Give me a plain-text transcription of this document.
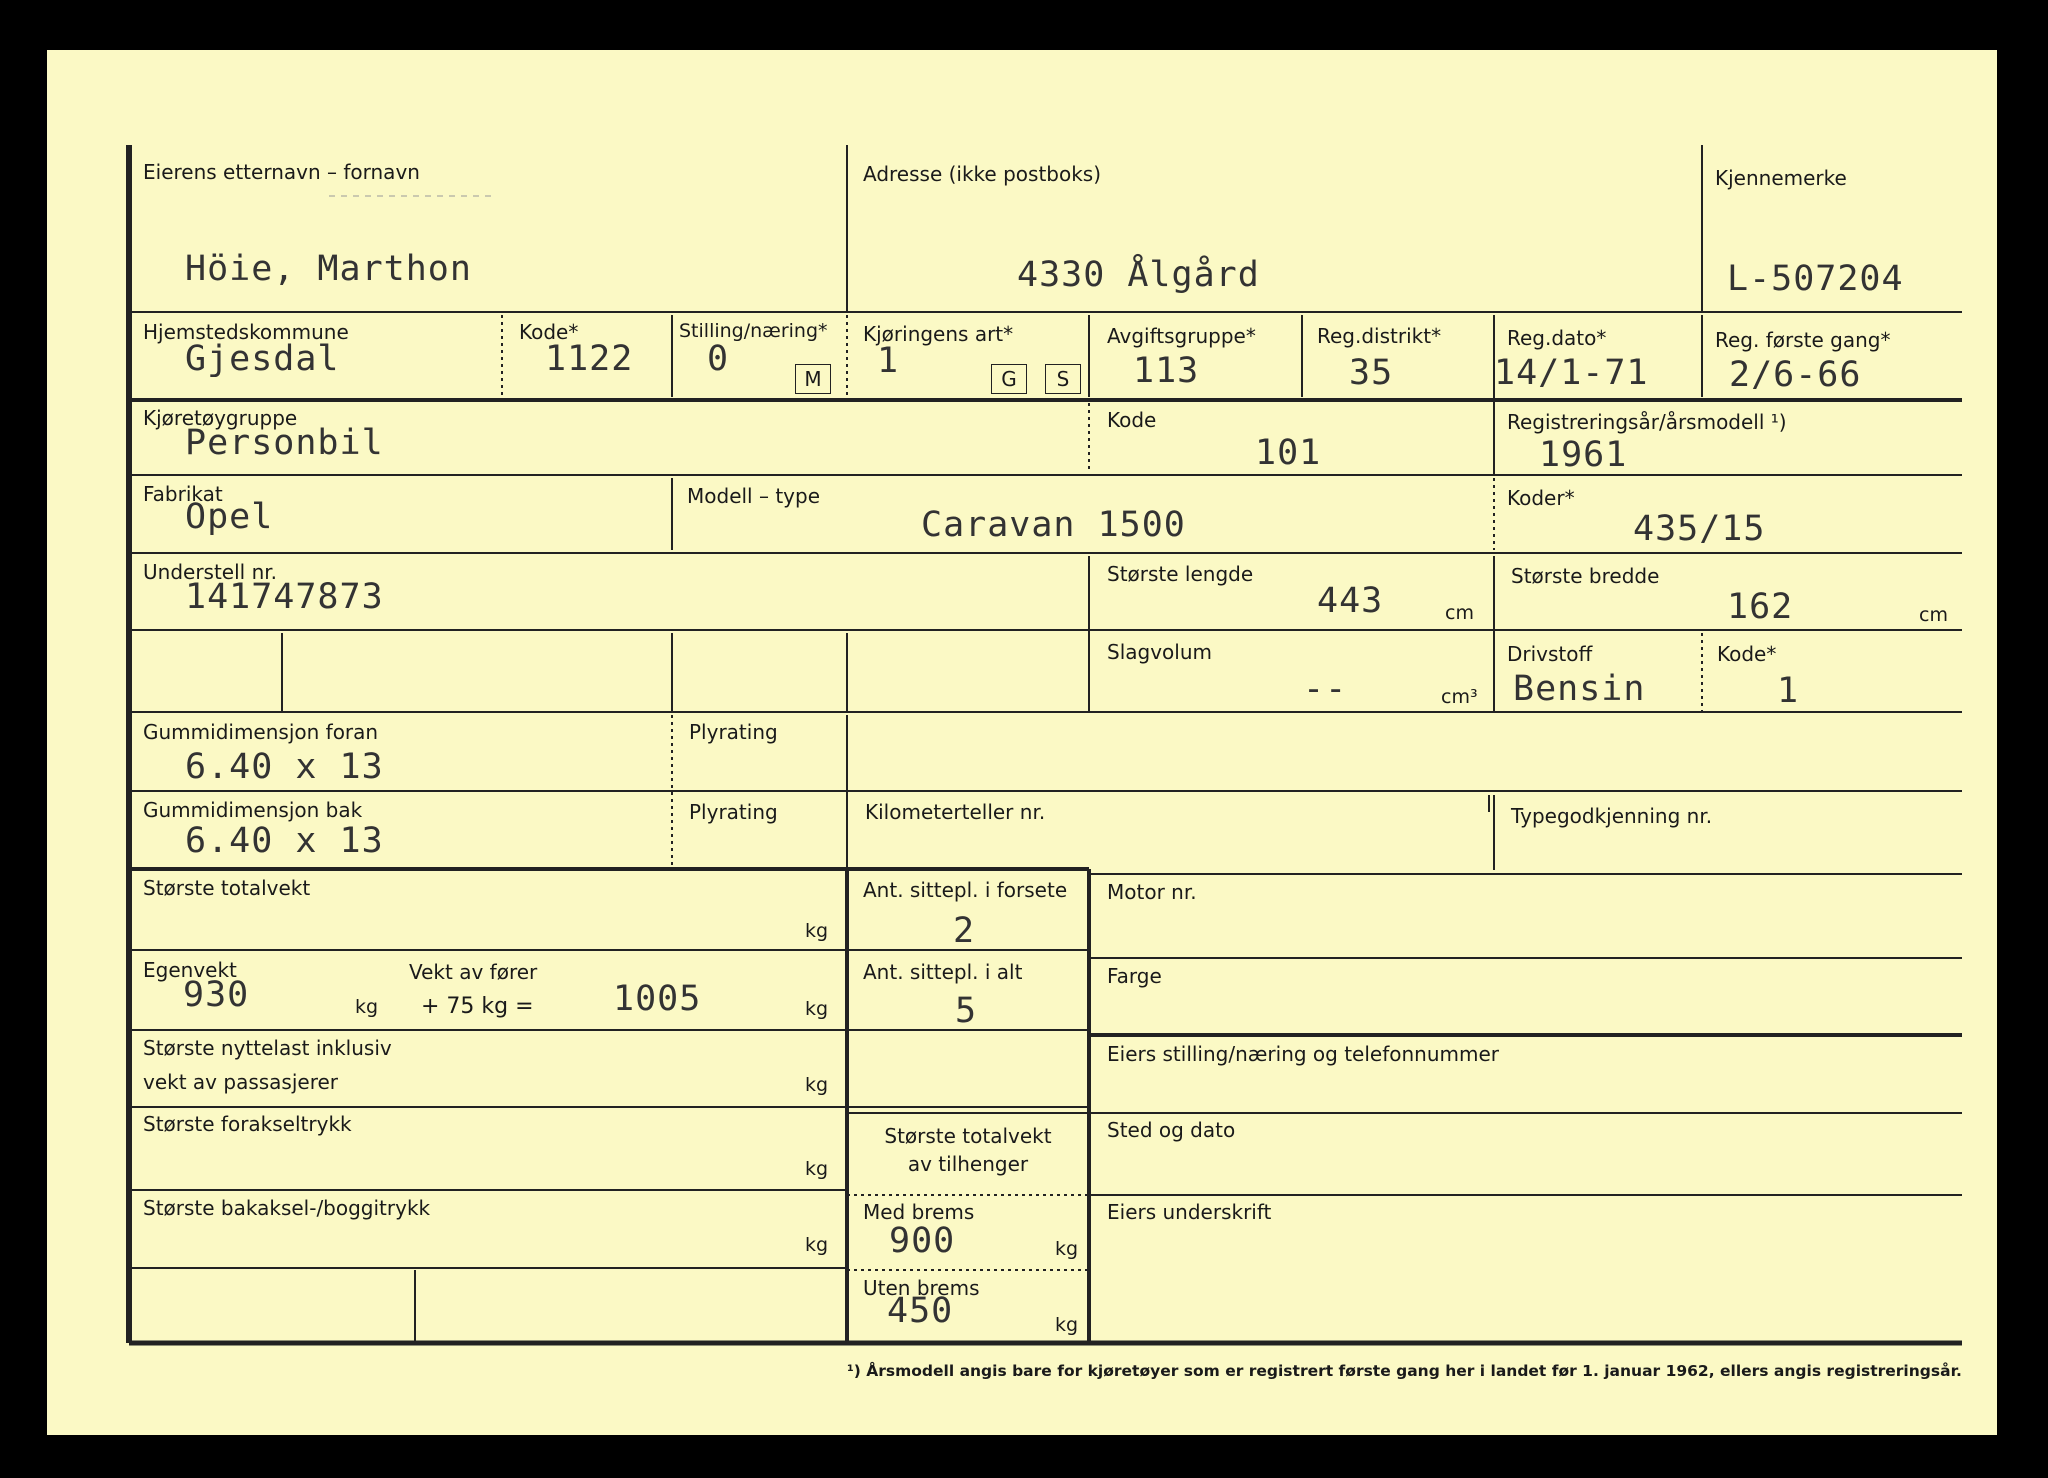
Eierens etternavn – fornavn
Höie, Marthon
Adresse (ikke postboks)
4330 Ålgård
Kjennemerke
L-507204
Hjemstedskommune
Gjesdal
Kode*
1122
Stilling/næring*
0	M
Kjøringens art*
1	G S
Avgiftsgruppe*
113
Reg.distrikt*
35
Reg.dato*
14/1-71
Reg. første gang*
2/6-66
Kjøretøygruppe
Personbil
Kode
101
Registreringsår/årsmodell ¹)
1961
Fabrikat
Opel
Modell – type
Caravan 1500
Koder*
435/15
Understell nr.
141747873
Største lengde
443	cm
Største bredde
162	cm
Slagvolum
--	cm³
Drivstoff
Bensin
Kode*
1
Gummidimensjon foran
6.40 x 13
Plyrating
Gummidimensjon bak
6.40 x 13
Plyrating	Kilometerteller nr.	Typegodkjenning nr.
Største totalvekt
kg
Egenvekt
930	kg
Vekt av fører
+ 75 kg = 1005	kg
Største nyttelast inklusiv
vekt av passasjerer	kg
Største forakseltrykk
kg
Største bakaksel-/boggitrykk
kg
Ant. sittepl. i forsete
2
Ant. sittepl. i alt
5
Største totalvekt
av tilhenger
Med brems
900	kg
Uten brems
450	kg
Motor nr.
Farge
Eiers stilling/næring og telefonnummer
Sted og dato
Eiers underskrift
¹) Årsmodell angis bare for kjøretøyer som er registrert første gang her i landet før 1. januar 1962, ellers angis registreringsår.
